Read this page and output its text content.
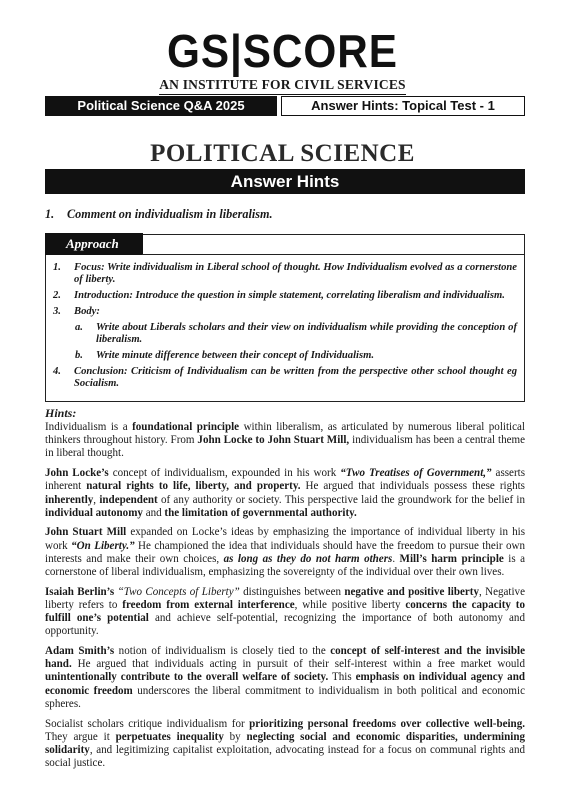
GS|SCORE
AN INSTITUTE FOR CIVIL SERVICES
Political Science Q&A 2025	Answer Hints: Topical Test - 1
POLITICAL SCIENCE
Answer Hints
1. Comment on individualism in liberalism.
Approach
1. Focus: Write individualism in Liberal school of thought. How Individualism evolved as a cornerstone of liberty.
2. Introduction: Introduce the question in simple statement, correlating liberalism and individualism.
3. Body:
a. Write about Liberals scholars and their view on individualism while providing the conception of liberalism.
b. Write minute difference between their concept of Individualism.
4. Conclusion: Criticism of Individualism can be written from the perspective other school thought eg Socialism.
Hints:

Individualism is a foundational principle within liberalism, as articulated by numerous liberal political thinkers throughout history. From John Locke to John Stuart Mill, individualism has been a central theme in liberal thought.

John Locke’s concept of individualism, expounded in his work “Two Treatises of Government,” asserts inherent natural rights to life, liberty, and property. He argued that individuals possess these rights inherently, independent of any authority or society. This perspective laid the groundwork for the belief in individual autonomy and the limitation of governmental authority.

John Stuart Mill expanded on Locke’s ideas by emphasizing the importance of individual liberty in his work “On Liberty.” He championed the idea that individuals should have the freedom to pursue their own interests and make their own choices, as long as they do not harm others. Mill’s harm principle is a cornerstone of liberal individualism, emphasizing the sovereignty of the individual over their own lives.

Isaiah Berlin’s “Two Concepts of Liberty” distinguishes between negative and positive liberty, Negative liberty refers to freedom from external interference, while positive liberty concerns the capacity to fulfill one’s potential and achieve self-potential, recognizing the importance of both autonomy and opportunity.

Adam Smith’s notion of individualism is closely tied to the concept of self-interest and the invisible hand. He argued that individuals acting in pursuit of their self-interest within a free market would unintentionally contribute to the overall welfare of society. This emphasis on individual agency and economic freedom underscores the liberal commitment to individualism in both political and economic spheres.

Socialist scholars critique individualism for prioritizing personal freedoms over collective well-being. They argue it perpetuates inequality by neglecting social and economic disparities, undermining solidarity, and legitimizing capitalist exploitation, advocating instead for a focus on communal rights and social justice.
